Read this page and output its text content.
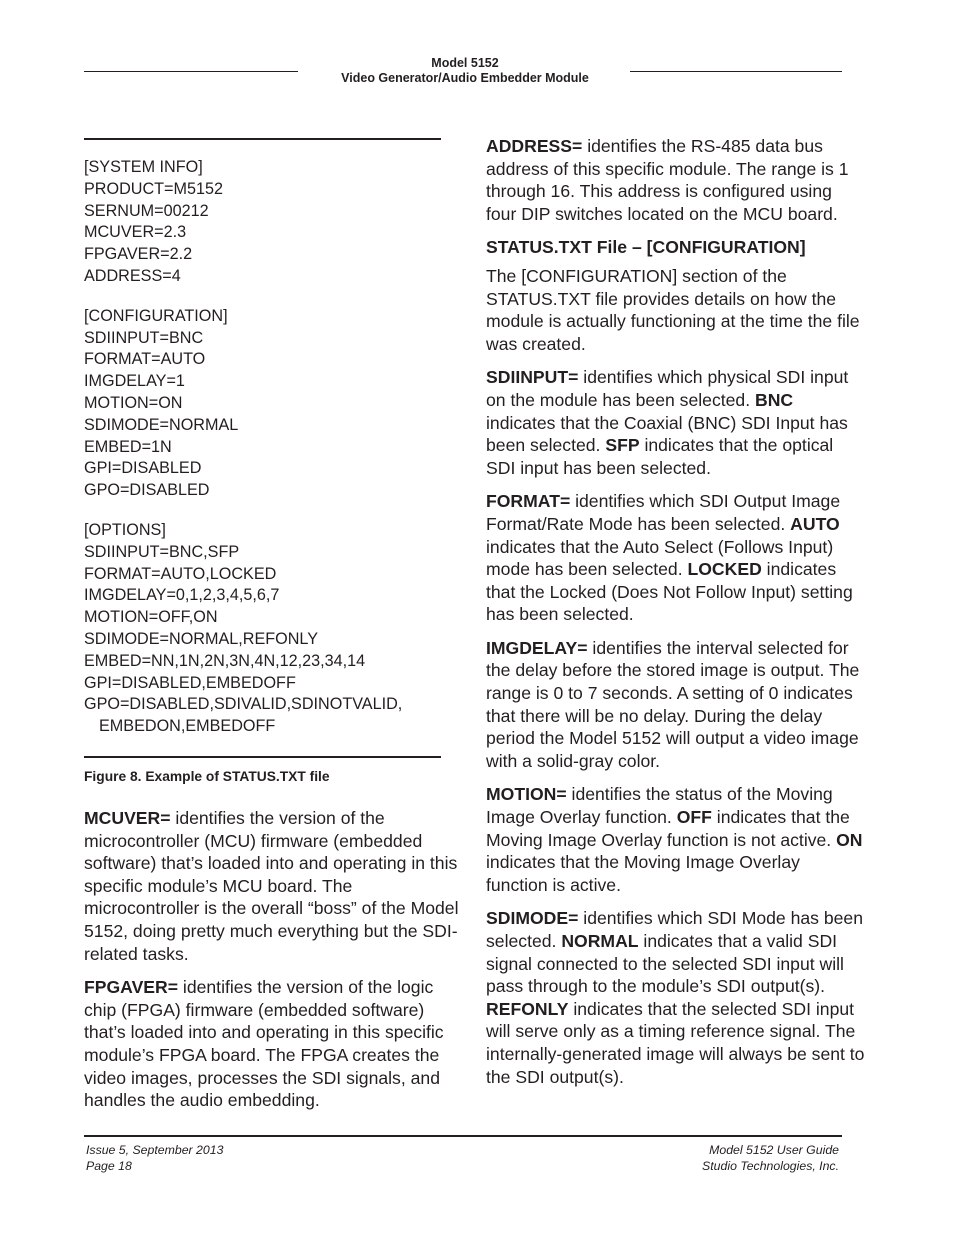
Model 5152
Video Generator/Audio Embedder Module

[SYSTEM INFO]

PRODUCT=M5152

SERNUM=00212

MCUVER=2.3

FPGAVER=2.2

ADDRESS=4

[CONFIGURATION]

SDIINPUT=BNC

FORMAT=AUTO

IMGDELAY=1

MOTION=ON

SDIMODE=NORMAL

EMBED=1N

GPI=DISABLED

GPO=DISABLED

[OPTIONS]

SDIINPUT=BNC,SFP

FORMAT=AUTO,LOCKED

IMGDELAY=0,1,2,3,4,5,6,7

MOTION=OFF,ON

SDIMODE=NORMAL,REFONLY

EMBED=NN,1N,2N,3N,4N,12,23,34,14

GPI=DISABLED,EMBEDOFF

GPO=DISABLED,SDIVALID,SDINOTVALID,

EMBEDON,EMBEDOFF

Figure 8. Example of STATUS.TXT file

MCUVER= identifies the version of the microcontroller (MCU) firmware (embedded software) that’s loaded into and operating in this specific module’s MCU board. The microcontroller is the overall “boss” of the Model 5152, doing pretty much everything but the SDI-related tasks.

FPGAVER= identifies the version of the logic chip (FPGA) firmware (embedded software) that’s loaded into and operating in this specific module’s FPGA board. The FPGA creates the video images, processes the SDI signals, and handles the audio embedding.

ADDRESS= identifies the RS-485 data bus address of this specific module. The range is 1 through 16. This address is configured using four DIP switches located on the MCU board.

STATUS.TXT File – [CONFIGURATION]

The [CONFIGURATION] section of the STATUS.TXT file provides details on how the module is actually functioning at the time the file was created.

SDIINPUT= identifies which physical SDI input on the module has been selected. BNC indicates that the Coaxial (BNC) SDI Input has been selected. SFP indicates that the optical SDI input has been selected.

FORMAT= identifies which SDI Output Image Format/Rate Mode has been selected. AUTO indicates that the Auto Select (Follows Input) mode has been selected. LOCKED indicates that the Locked (Does Not Follow Input) setting has been selected.

IMGDELAY= identifies the interval selected for the delay before the stored image is output. The range is 0 to 7 seconds. A setting of 0 indicates that there will be no delay. During the delay period the Model 5152 will output a video image with a solid-gray color.

MOTION= identifies the status of the Moving Image Overlay function. OFF indicates that the Moving Image Overlay function is not active. ON indicates that the Moving Image Overlay function is active.

SDIMODE= identifies which SDI Mode has been selected. NORMAL indicates that a valid SDI signal connected to the selected SDI input will pass through to the module’s SDI output(s). REFONLY indicates that the selected SDI input will serve only as a timing reference signal. The internally-generated image will always be sent to the SDI output(s).

Issue 5, September 2013
Page 18
Model 5152 User Guide
Studio Technologies, Inc.
